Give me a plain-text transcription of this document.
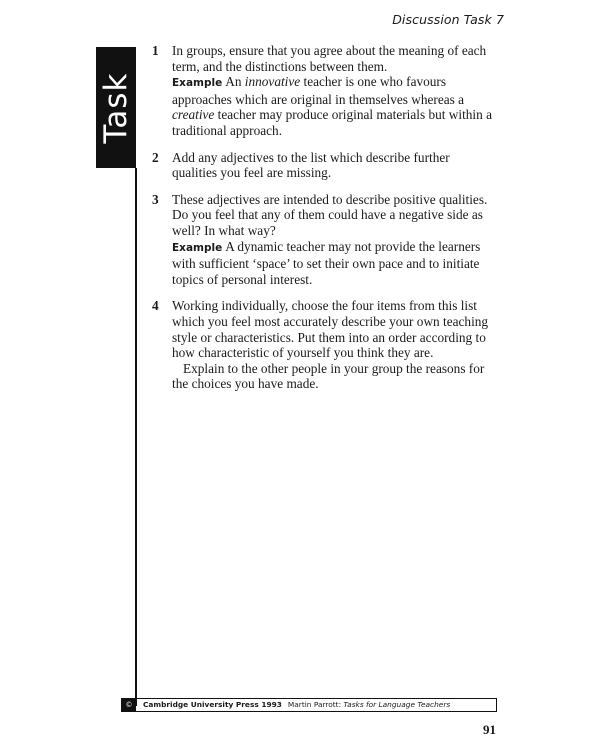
Discussion Task 7
Task
1 In groups, ensure that you agree about the meaning of each term, and the distinctions between them.
Example An innovative teacher is one who favours approaches which are original in themselves whereas a creative teacher may produce original materials but within a traditional approach.
2 Add any adjectives to the list which describe further qualities you feel are missing.
3 These adjectives are intended to describe positive qualities. Do you feel that any of them could have a negative side as well? In what way?
Example A dynamic teacher may not provide the learners with sufficient ‘space’ to set their own pace and to initiate topics of personal interest.
4 Working individually, choose the four items from this list which you feel most accurately describe your own teaching style or characteristics. Put them into an order according to how characteristic of yourself you think they are.
Explain to the other people in your group the reasons for the choices you have made.
©	Cambridge University Press 1993 Martin Parrott: Tasks for Language Teachers
91
